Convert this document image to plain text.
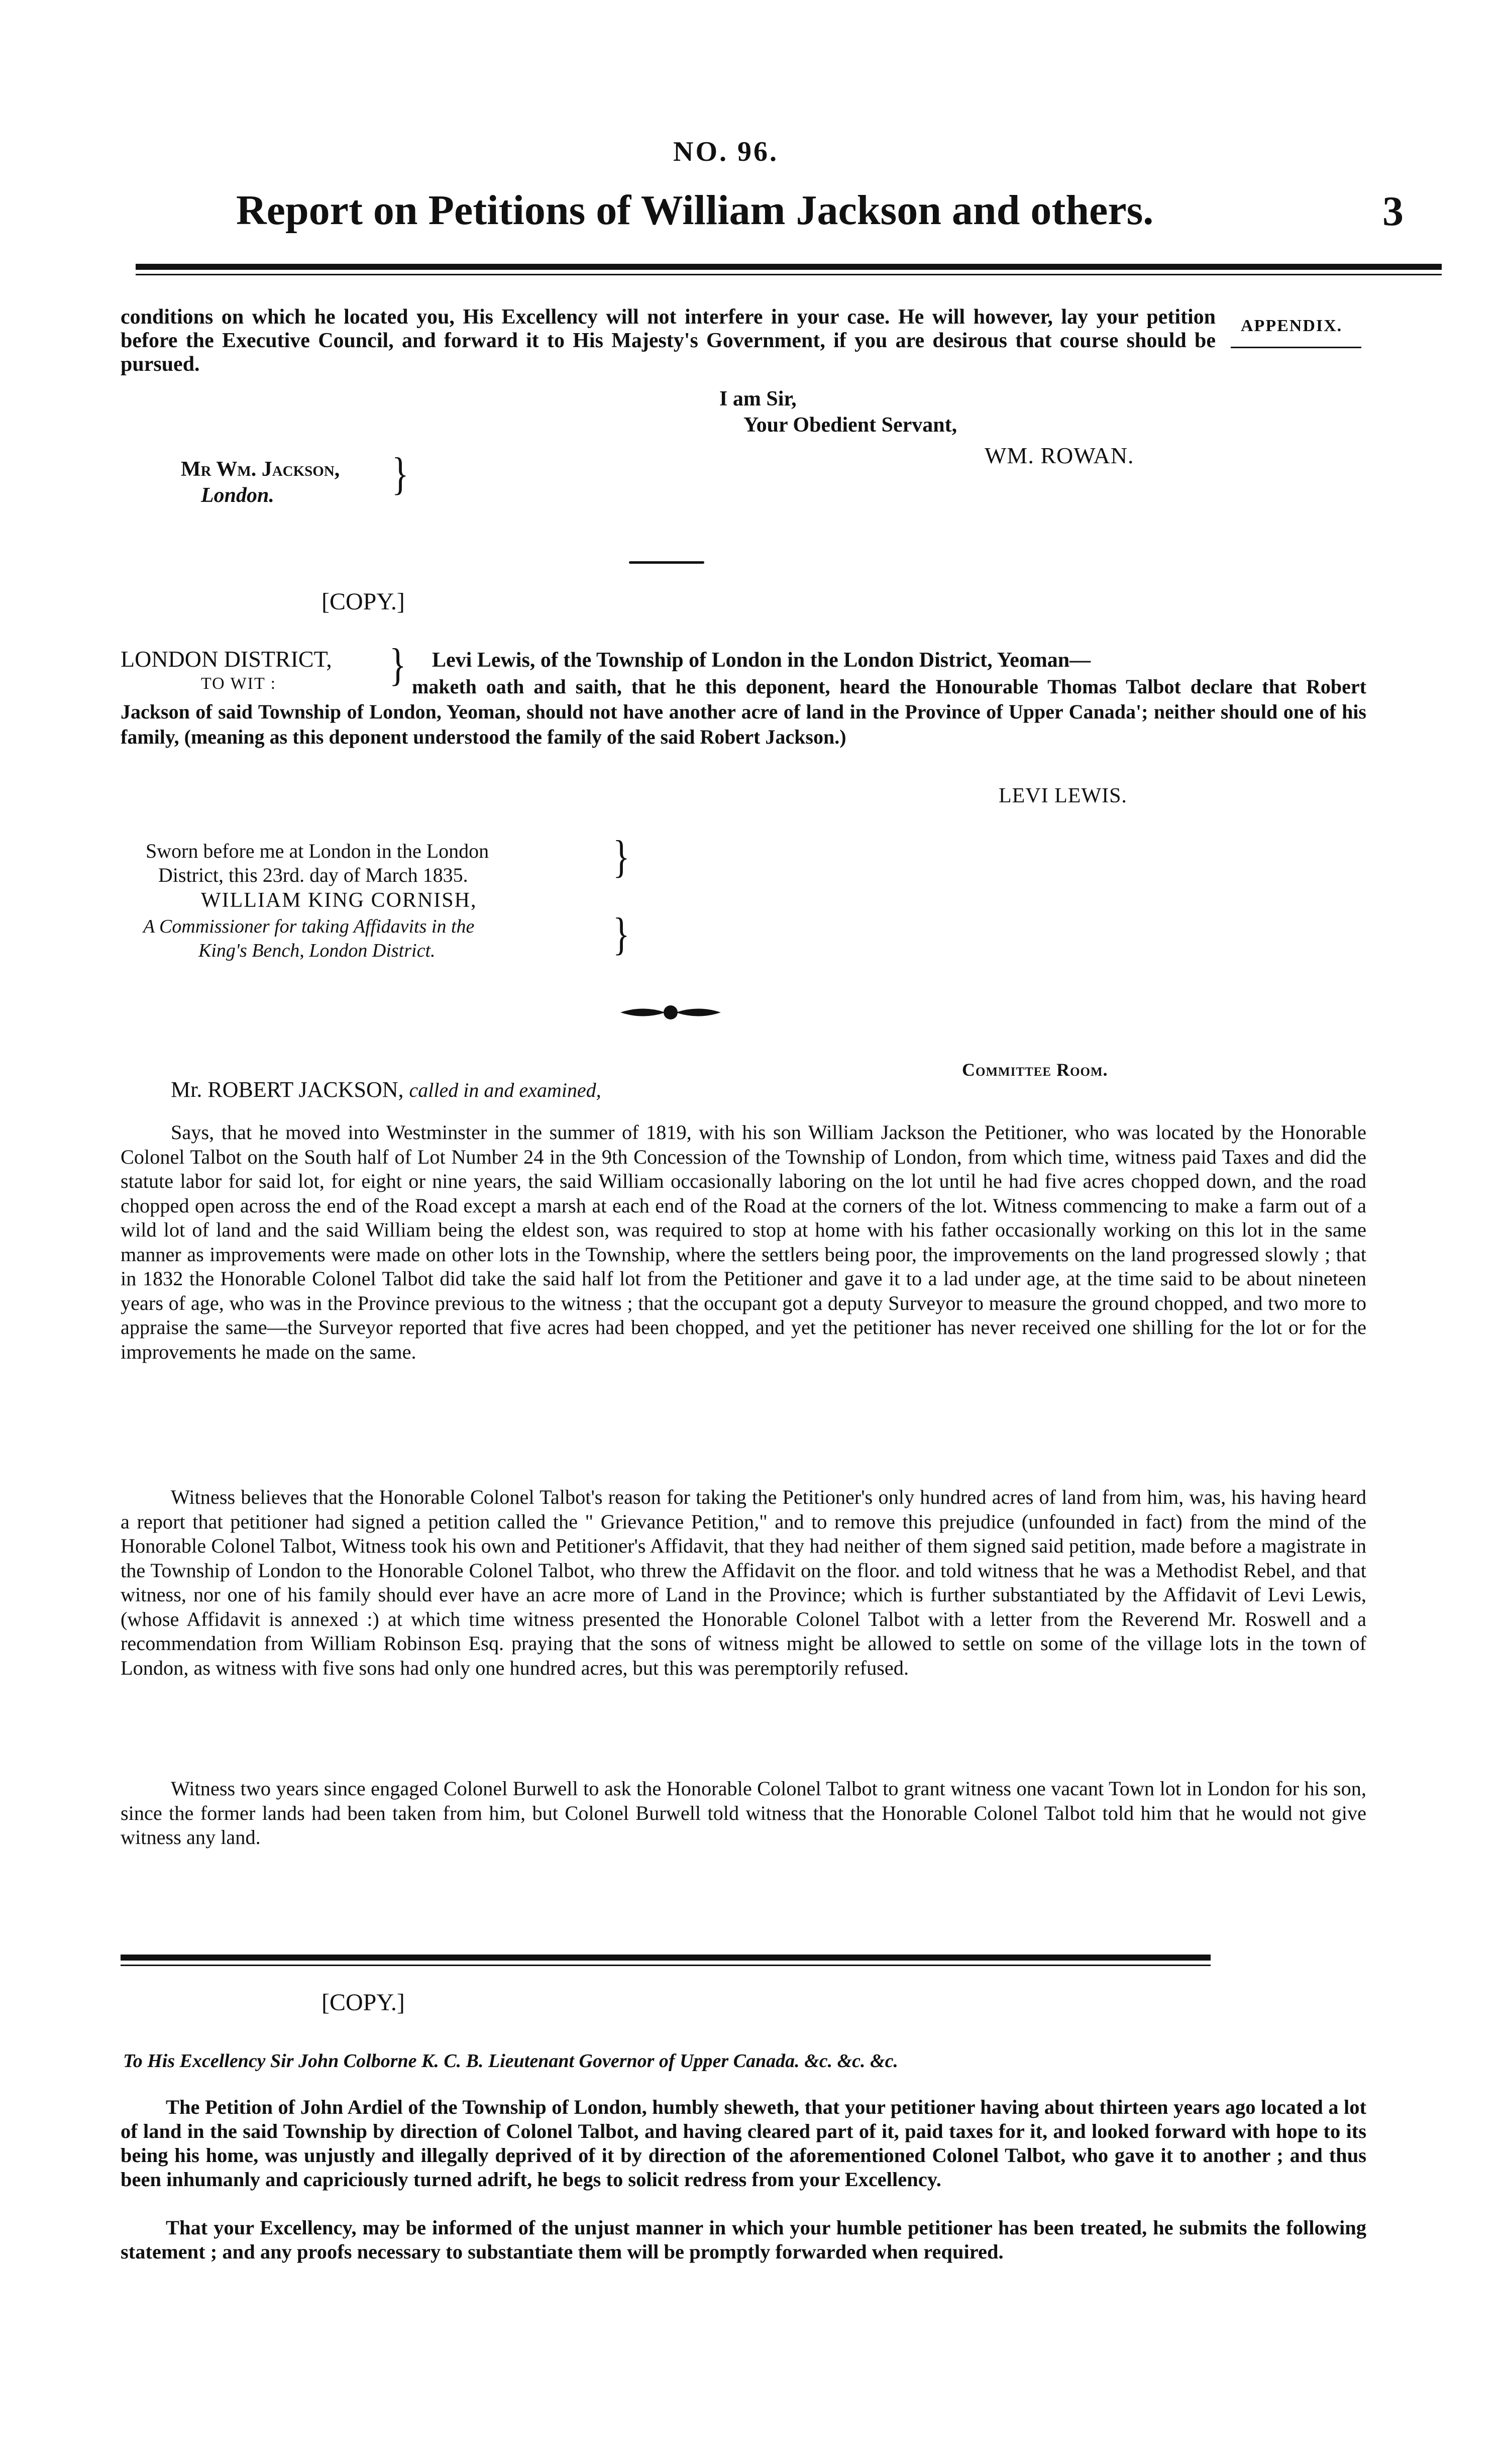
NO. 96.
Report on Petitions of William Jackson and others.	3
APPENDIX.

conditions on which he located you, His Excellency will not interfere in your case. He will however, lay your petition before the Executive Council, and forward it to His Majesty's Government, if you are desirous that course should be pursued.

I am Sir,
Your Obedient Servant,
WM. ROWAN.
Mr Wm. Jackson,
London.	}
[COPY.]
LONDON DISTRICT,
TO WIT :	} Levi Lewis, of the Township of London in the London District, Yeoman—

maketh oath and saith, that he this deponent, heard the Honourable Thomas Talbot declare that Robert Jackson of said Township of London, Yeoman, should not have another acre of land in the Province of Upper Canada'; neither should one of his family, (meaning as this deponent understood the family of the said Robert Jackson.)

LEVI LEWIS.
Sworn before me at London in the London
District, this 23rd. day of March 1835.
WILLIAM KING CORNISH,
A Commissioner for taking Affidavits in the
King's Bench, London District.
}
}
Committee Room.
Mr. ROBERT JACKSON, called in and examined,

Says, that he moved into Westminster in the summer of 1819, with his son William Jackson the Petitioner, who was located by the Honorable Colonel Talbot on the South half of Lot Number 24 in the 9th Concession of the Township of London, from which time, witness paid Taxes and did the statute labor for said lot, for eight or nine years, the said William occasionally laboring on the lot until he had five acres chopped down, and the road chopped open across the end of the Road except a marsh at each end of the Road at the corners of the lot. Witness commencing to make a farm out of a wild lot of land and the said William being the eldest son, was required to stop at home with his father occasionally working on this lot in the same manner as improvements were made on other lots in the Township, where the settlers being poor, the improvements on the land progressed slowly ; that in 1832 the Honorable Colonel Talbot did take the said half lot from the Petitioner and gave it to a lad under age, at the time said to be about nineteen years of age, who was in the Province previous to the witness ; that the occupant got a deputy Surveyor to measure the ground chopped, and two more to appraise the same—the Surveyor reported that five acres had been chopped, and yet the petitioner has never received one shilling for the lot or for the improvements he made on the same.

Witness believes that the Honorable Colonel Talbot's reason for taking the Petitioner's only hundred acres of land from him, was, his having heard a report that petitioner had signed a petition called the " Grievance Petition," and to remove this prejudice (unfounded in fact) from the mind of the Honorable Colonel Talbot, Witness took his own and Petitioner's Affidavit, that they had neither of them signed said petition, made before a magistrate in the Township of London to the Honorable Colonel Talbot, who threw the Affidavit on the floor. and told witness that he was a Methodist Rebel, and that witness, nor one of his family should ever have an acre more of Land in the Province; which is further substantiated by the Affidavit of Levi Lewis, (whose Affidavit is annexed :) at which time witness presented the Honorable Colonel Talbot with a letter from the Reverend Mr. Roswell and a recommendation from William Robinson Esq. praying that the sons of witness might be allowed to settle on some of the village lots in the town of London, as witness with five sons had only one hundred acres, but this was peremptorily refused.

Witness two years since engaged Colonel Burwell to ask the Honorable Colonel Talbot to grant witness one vacant Town lot in London for his son, since the former lands had been taken from him, but Colonel Burwell told witness that the Honorable Colonel Talbot told him that he would not give witness any land.

[COPY.]
To His Excellency Sir John Colborne K. C. B. Lieutenant Governor of Upper Canada. &c. &c. &c.

The Petition of John Ardiel of the Township of London, humbly sheweth, that your petitioner having about thirteen years ago located a lot of land in the said Township by direction of Colonel Talbot, and having cleared part of it, paid taxes for it, and looked forward with hope to its being his home, was unjustly and illegally deprived of it by direction of the aforementioned Colonel Talbot, who gave it to another ; and thus been inhumanly and capriciously turned adrift, he begs to solicit redress from your Excellency.

That your Excellency, may be informed of the unjust manner in which your humble petitioner has been treated, he submits the following statement ; and any proofs necessary to substantiate them will be promptly forwarded when required.
